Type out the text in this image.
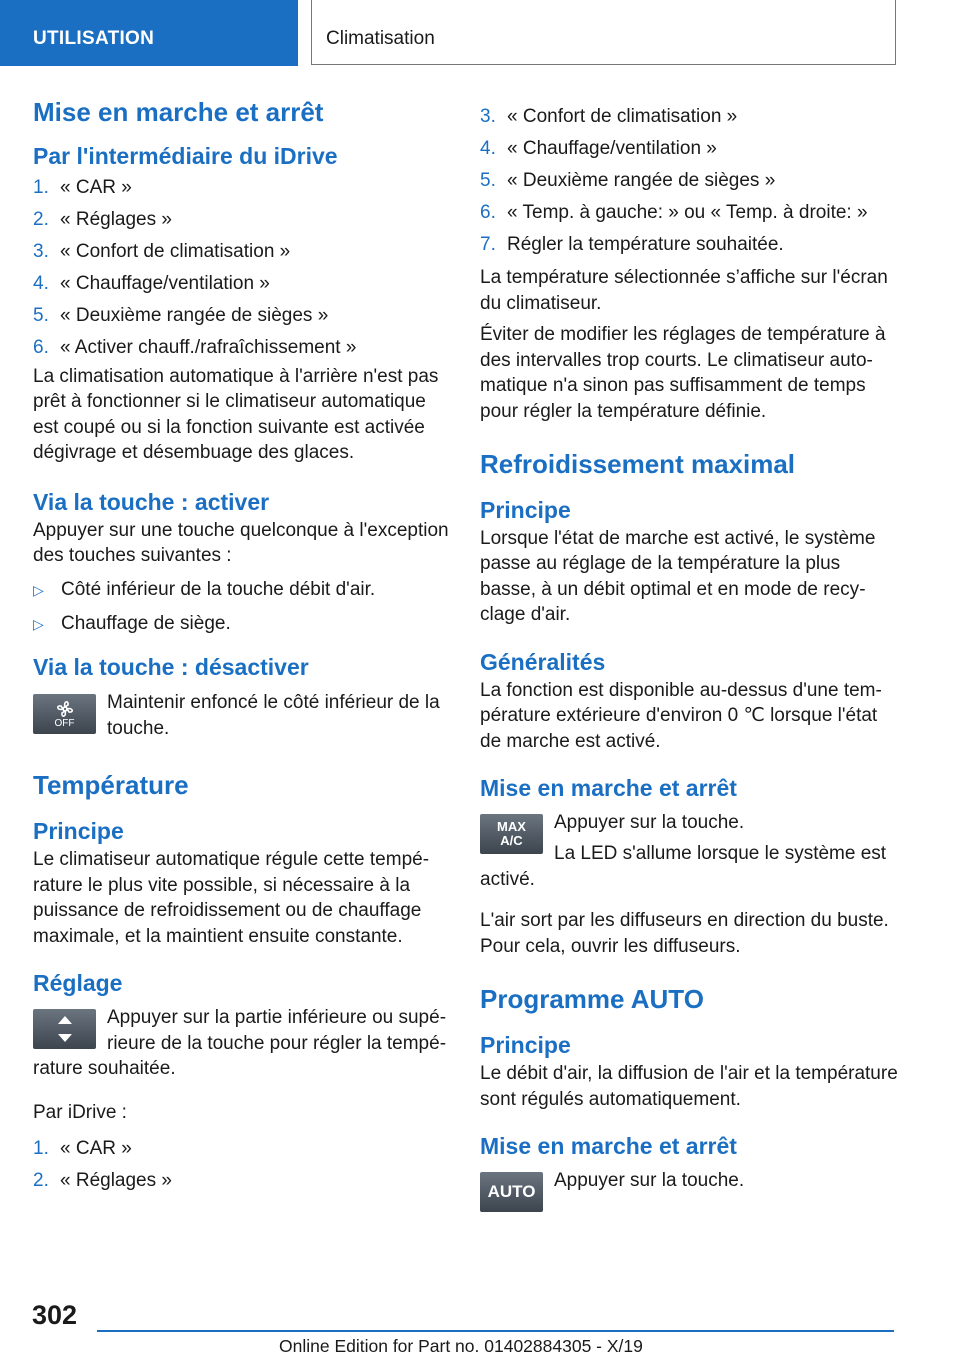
UTILISATION	Climatisation
Mise en marche et arrêt
Par l'intermédiaire du iDrive
1. « CAR »
2. « Réglages »
3. « Confort de climatisation »
4. « Chauffage/ventilation »
5. « Deuxième rangée de sièges »
6. « Activer chauff./rafraîchissement »

La climatisation automatique à l'arrière n'est pas prêt à fonctionner si le climatiseur automatique est coupé ou si la fonction suivante est activée dégivrage et désembuage des glaces.

Via la touche : activer

Appuyer sur une touche quelconque à l'exception des touches suivantes :

▷ Côté inférieur de la touche débit d'air.
▷ Chauffage de siège.
Via la touche : désactiver
OFF

Maintenir enfoncé le côté inférieur de la touche.

Température
Principe

Le climatiseur automatique régule cette température le plus vite possible, si nécessaire à la puissance de refroidissement ou de chauffage maximale, et la maintient ensuite constante.

Réglage

Appuyer sur la partie inférieure ou supérieure de la touche pour régler la température souhaitée.

Par iDrive :

1. « CAR »
2. « Réglages »
3. « Confort de climatisation »
4. « Chauffage/ventilation »
5. « Deuxième rangée de sièges »
6. « Temp. à gauche: » ou « Temp. à droite: »
7. Régler la température souhaitée.

La température sélectionnée s’affiche sur l'écran du climatiseur.

Éviter de modifier les réglages de température à des intervalles trop courts. Le climatiseur automatique n'a sinon pas suffisamment de temps pour régler la température définie.

Refroidissement maximal
Principe

Lorsque l'état de marche est activé, le système passe au réglage de la température la plus basse, à un débit optimal et en mode de recyclage d'air.

Généralités

La fonction est disponible au-dessus d'une température extérieure d'environ 0 ℃ lorsque l'état de marche est activé.

Mise en marche et arrêt
MAX
A/C

Appuyer sur la touche.

La LED s'allume lorsque le système est activé.

L'air sort par les diffuseurs en direction du buste. Pour cela, ouvrir les diffuseurs.

Programme AUTO
Principe

Le débit d'air, la diffusion de l'air et la température sont régulés automatiquement.

Mise en marche et arrêt
AUTO

Appuyer sur la touche.

302
Online Edition for Part no. 01402884305 - X/19
